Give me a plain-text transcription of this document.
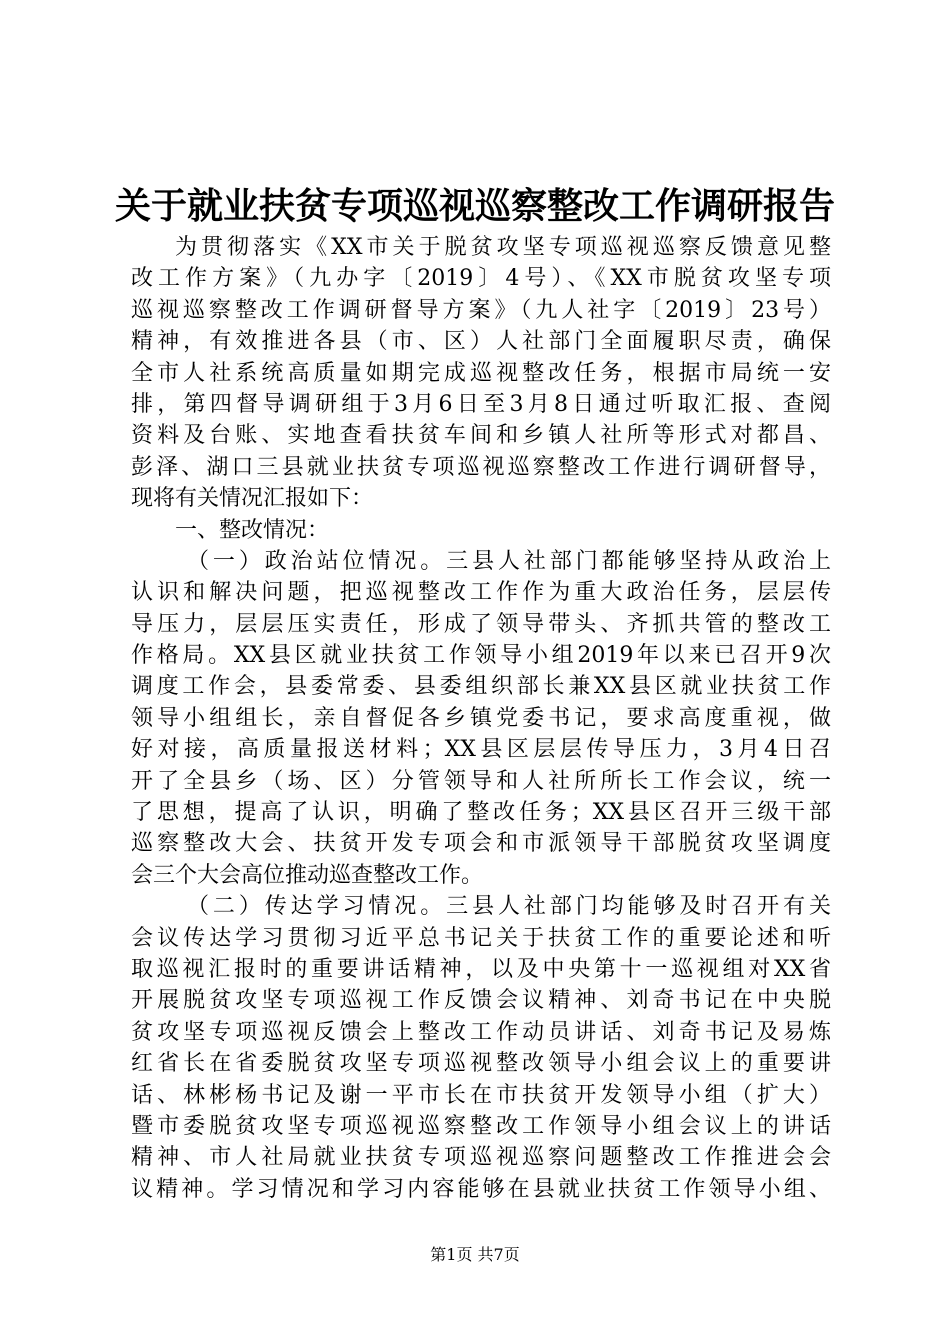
关于就业扶贫专项巡视巡察整改工作调研报告
为贯彻落实《XX市关于脱贫攻坚专项巡视巡察反馈意见整
改工作方案》（九办字〔2019〕4号）、《XX市脱贫攻坚专项
巡视巡察整改工作调研督导方案》（九人社字〔2019〕23号）
精神，有效推进各县（市、区）人社部门全面履职尽责，确保
全市人社系统高质量如期完成巡视整改任务，根据市局统一安
排，第四督导调研组于3月6日至3月8日通过听取汇报、查阅
资料及台账、实地查看扶贫车间和乡镇人社所等形式对都昌、
彭泽、湖口三县就业扶贫专项巡视巡察整改工作进行调研督导，
现将有关情况汇报如下：
一、整改情况：
（一）政治站位情况。三县人社部门都能够坚持从政治上
认识和解决问题，把巡视整改工作作为重大政治任务，层层传
导压力，层层压实责任，形成了领导带头、齐抓共管的整改工
作格局。XX县区就业扶贫工作领导小组2019年以来已召开9次
调度工作会，县委常委、县委组织部长兼XX县区就业扶贫工作
领导小组组长，亲自督促各乡镇党委书记，要求高度重视，做
好对接，高质量报送材料；XX县区层层传导压力，3月4日召
开了全县乡（场、区）分管领导和人社所所长工作会议，统一
了思想，提高了认识，明确了整改任务；XX县区召开三级干部
巡察整改大会、扶贫开发专项会和市派领导干部脱贫攻坚调度
会三个大会高位推动巡查整改工作。
（二）传达学习情况。三县人社部门均能够及时召开有关
会议传达学习贯彻习近平总书记关于扶贫工作的重要论述和听
取巡视汇报时的重要讲话精神，以及中央第十一巡视组对XX省
开展脱贫攻坚专项巡视工作反馈会议精神、刘奇书记在中央脱
贫攻坚专项巡视反馈会上整改工作动员讲话、刘奇书记及易炼
红省长在省委脱贫攻坚专项巡视整改领导小组会议上的重要讲
话、林彬杨书记及谢一平市长在市扶贫开发领导小组（扩大）
暨市委脱贫攻坚专项巡视巡察整改工作领导小组会议上的讲话
精神、市人社局就业扶贫专项巡视巡察问题整改工作推进会会
议精神。学习情况和学习内容能够在县就业扶贫工作领导小组、
第1页 共7页
